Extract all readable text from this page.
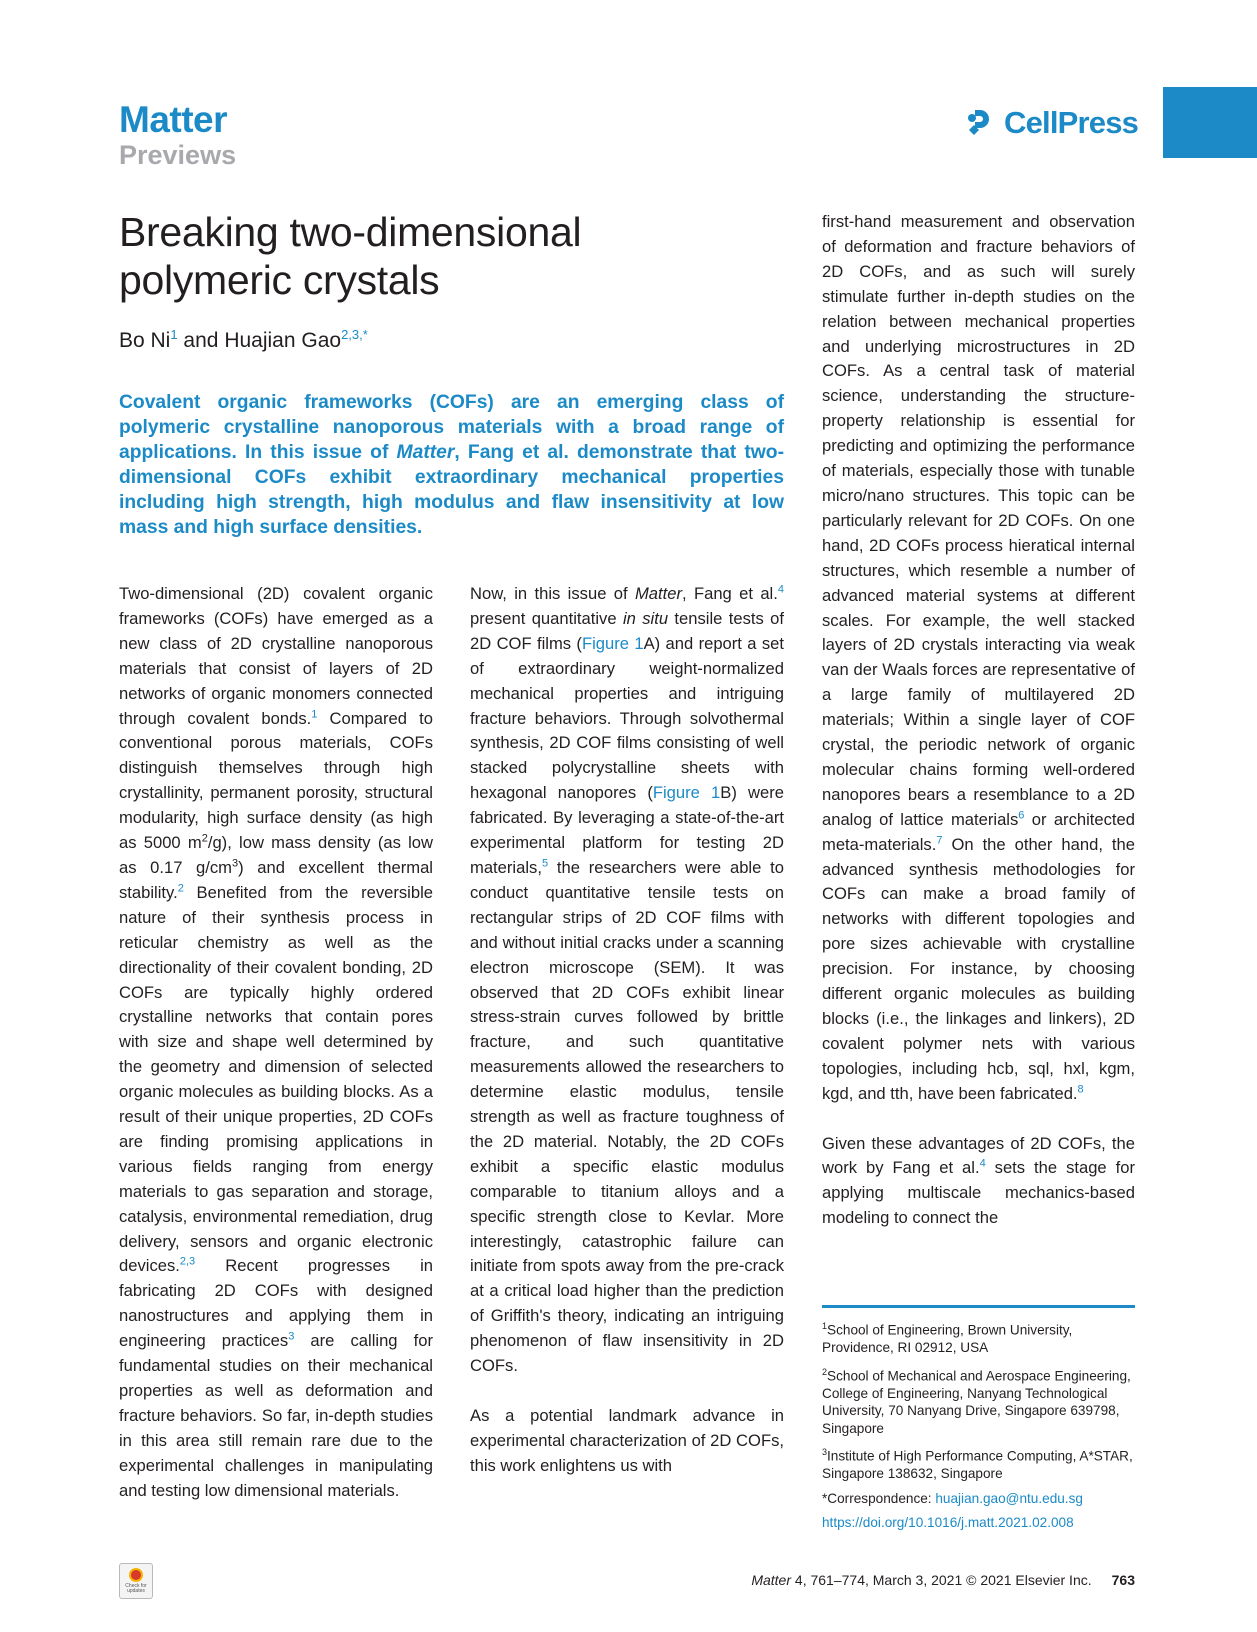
Matter
Previews
CellPress
Breaking two-dimensional polymeric crystals
Bo Ni$^1$ and Huajian Gao$^{2,3,*}$

Covalent organic frameworks (COFs) are an emerging class of polymeric crystalline nanoporous materials with a broad range of applications. In this issue of Matter, Fang et al. demonstrate that two-dimensional COFs exhibit extraordinary mechanical properties including high strength, high modulus and flaw insensitivity at low mass and high surface densities.

Two-dimensional (2D) covalent organic frameworks (COFs) have emerged as a new class of 2D crystalline nanoporous materials that consist of layers of 2D networks of organic monomers connected through covalent bonds.$^1$ Compared to conventional porous materials, COFs distinguish themselves through high crystallinity, permanent porosity, structural modularity, high surface density (as high as 5000 $m^2/g$), low mass density (as low as 0.17 $g/cm^3$) and excellent thermal stability.$^2$ Benefited from the reversible nature of their synthesis process in reticular chemistry as well as the directionality of their covalent bonding, 2D COFs are typically highly ordered crystalline networks that contain pores with size and shape well determined by the geometry and dimension of selected organic molecules as building blocks. As a result of their unique properties, 2D COFs are finding promising applications in various fields ranging from energy materials to gas separation and storage, catalysis, environmental remediation, drug delivery, sensors and organic electronic devices.$^{2,3}$ Recent progresses in fabricating 2D COFs with designed nanostructures and applying them in engineering practices$^3$ are calling for fundamental studies on their mechanical properties as well as deformation and fracture behaviors. So far, in-depth studies in this area still remain rare due to the experimental challenges in manipulating and testing low dimensional materials.

Now, in this issue of Matter, Fang et al.$^4$ present quantitative in situ tensile tests of 2D COF films (Figure 1A) and report a set of extraordinary weight-normalized mechanical properties and intriguing fracture behaviors. Through solvothermal synthesis, 2D COF films consisting of well stacked polycrystalline sheets with hexagonal nanopores (Figure 1B) were fabricated. By leveraging a state-of-the-art experimental platform for testing 2D materials,$^5$ the researchers were able to conduct quantitative tensile tests on rectangular strips of 2D COF films with and without initial cracks under a scanning electron microscope (SEM). It was observed that 2D COFs exhibit linear stress-strain curves followed by brittle fracture, and such quantitative measurements allowed the researchers to determine elastic modulus, tensile strength as well as fracture toughness of the 2D material. Notably, the 2D COFs exhibit a specific elastic modulus comparable to titanium alloys and a specific strength close to Kevlar. More interestingly, catastrophic failure can initiate from spots away from the pre-crack at a critical load higher than the prediction of Griffith's theory, indicating an intriguing phenomenon of flaw insensitivity in 2D COFs.

As a potential landmark advance in experimental characterization of 2D COFs, this work enlightens us with

first-hand measurement and observation of deformation and fracture behaviors of 2D COFs, and as such will surely stimulate further in-depth studies on the relation between mechanical properties and underlying microstructures in 2D COFs. As a central task of material science, understanding the structure-property relationship is essential for predicting and optimizing the performance of materials, especially those with tunable micro/nano structures. This topic can be particularly relevant for 2D COFs. On one hand, 2D COFs process hieratical internal structures, which resemble a number of advanced material systems at different scales. For example, the well stacked layers of 2D crystals interacting via weak van der Waals forces are representative of a large family of multilayered 2D materials; Within a single layer of COF crystal, the periodic network of organic molecular chains forming well-ordered nanopores bears a resemblance to a 2D analog of lattice materials$^6$ or architected meta-materials.$^7$ On the other hand, the advanced synthesis methodologies for COFs can make a broad family of networks with different topologies and pore sizes achievable with crystalline precision. For instance, by choosing different organic molecules as building blocks (i.e., the linkages and linkers), 2D covalent polymer nets with various topologies, including hcb, sql, hxl, kgm, kgd, and tth, have been fabricated.$^8$

Given these advantages of 2D COFs, the work by Fang et al.$^4$ sets the stage for applying multiscale mechanics-based modeling to connect the

$^1$School of Engineering, Brown University, Providence, RI 02912, USA

$^2$School of Mechanical and Aerospace Engineering, College of Engineering, Nanyang Technological University, 70 Nanyang Drive, Singapore 639798, Singapore

$^3$Institute of High Performance Computing, A*STAR, Singapore 138632, Singapore

*Correspondence: huajian.gao@ntu.edu.sg

https://doi.org/10.1016/j.matt.2021.02.008

Check for updates
Matter 4, 761–774, March 3, 2021 © 2021 Elsevier Inc. 763
